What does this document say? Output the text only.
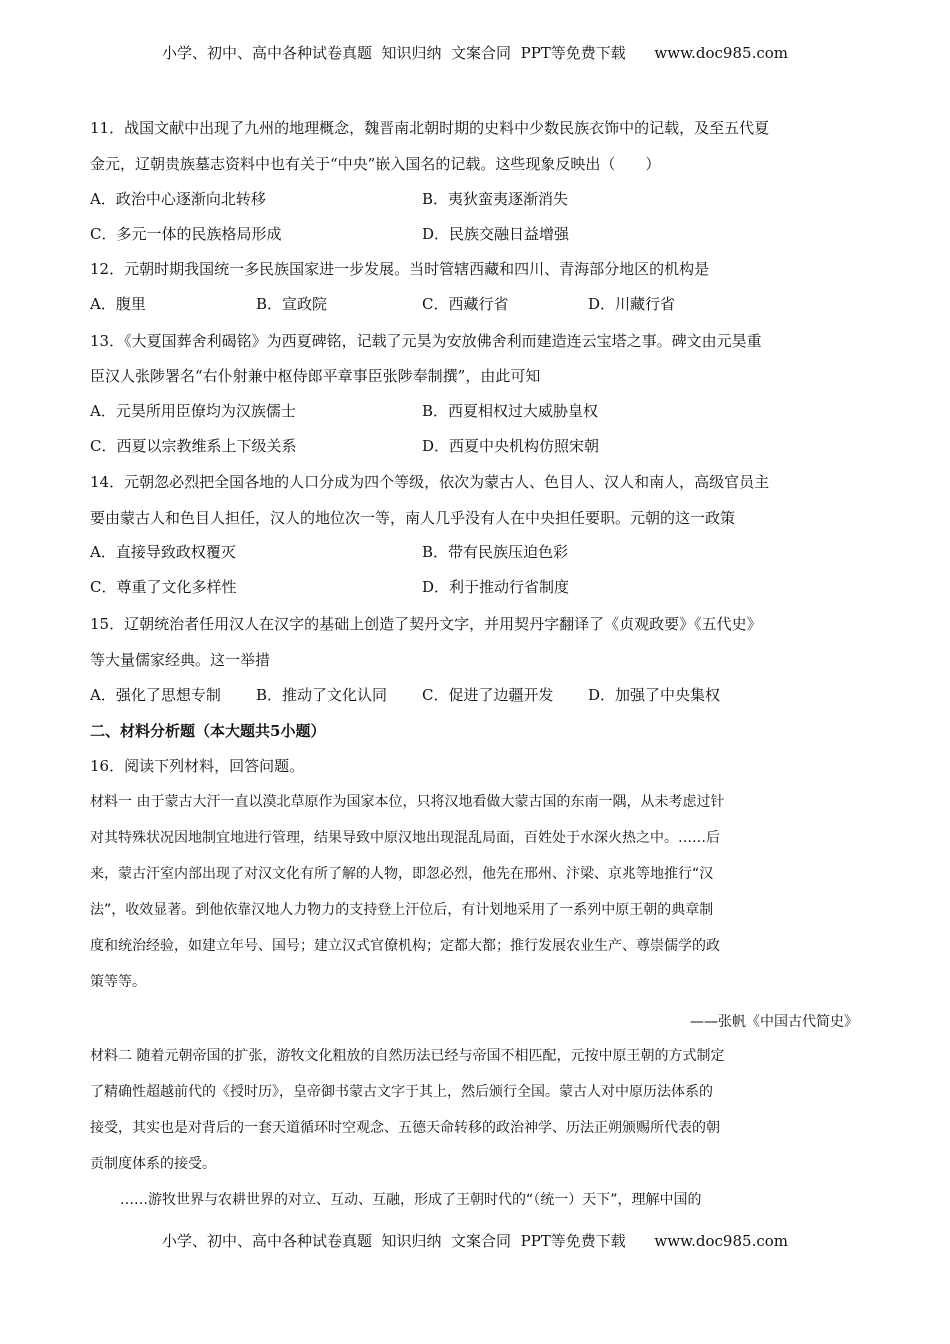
小学、初中、高中各种试卷真题  知识归纳  文案合同  PPT等免费下载      www.doc985.com
11．战国文献中出现了九州的地理概念，魏晋南北朝时期的史料中少数民族衣饰中的记载，及至五代夏
金元，辽朝贵族墓志资料中也有关于“中央”嵌入国名的记载。这些现象反映出（　　）
A．政治中心逐渐向北转移	B．夷狄蛮夷逐渐消失
C．多元一体的民族格局形成	D．民族交融日益增强
12．元朝时期我国统一多民族国家进一步发展。当时管辖西藏和四川、青海部分地区的机构是
A．腹里	B．宣政院	C．西藏行省	D．川藏行省
13．《大夏国葬舍利碣铭》为西夏碑铭，记载了元昊为安放佛舍利而建造连云宝塔之事。碑文由元昊重
臣汉人张陟署名“右仆射兼中枢侍郎平章事臣张陟奉制撰”，由此可知
A．元昊所用臣僚均为汉族儒士	B．西夏相权过大威胁皇权
C．西夏以宗教维系上下级关系	D．西夏中央机构仿照宋朝
14．元朝忽必烈把全国各地的人口分成为四个等级，依次为蒙古人、色目人、汉人和南人，高级官员主
要由蒙古人和色目人担任，汉人的地位次一等，南人几乎没有人在中央担任要职。元朝的这一政策
A．直接导致政权覆灭	B．带有民族压迫色彩
C．尊重了文化多样性	D．利于推动行省制度
15．辽朝统治者任用汉人在汉字的基础上创造了契丹文字，并用契丹字翻译了《贞观政要》《五代史》
等大量儒家经典。这一举措
A．强化了思想专制 B．推动了文化认同 C．促进了边疆开发 D．加强了中央集权
二、材料分析题（本大题共5小题）
16．阅读下列材料，回答问题。
材料一 由于蒙古大汗一直以漠北草原作为国家本位，只将汉地看做大蒙古国的东南一隅，从未考虑过针
对其特殊状况因地制宜地进行管理，结果导致中原汉地出现混乱局面，百姓处于水深火热之中。……后
来，蒙古汗室内部出现了对汉文化有所了解的人物，即忽必烈，他先在邢州、汴梁、京兆等地推行“汉
法”，收效显著。到他依靠汉地人力物力的支持登上汗位后，有计划地采用了一系列中原王朝的典章制
度和统治经验，如建立年号、国号；建立汉式官僚机构；定都大都；推行发展农业生产、尊崇儒学的政
策等等。
——张帆《中国古代简史》
材料二 随着元朝帝国的扩张，游牧文化粗放的自然历法已经与帝国不相匹配，元按中原王朝的方式制定
了精确性超越前代的《授时历》，皇帝御书蒙古文字于其上，然后颁行全国。蒙古人对中原历法体系的
接受，其实也是对背后的一套天道循环时空观念、五德天命转移的政治神学、历法正朔颁赐所代表的朝
贡制度体系的接受。
……游牧世界与农耕世界的对立、互动、互融，形成了王朝时代的“（统一）天下”，理解中国的
小学、初中、高中各种试卷真题  知识归纳  文案合同  PPT等免费下载      www.doc985.com
